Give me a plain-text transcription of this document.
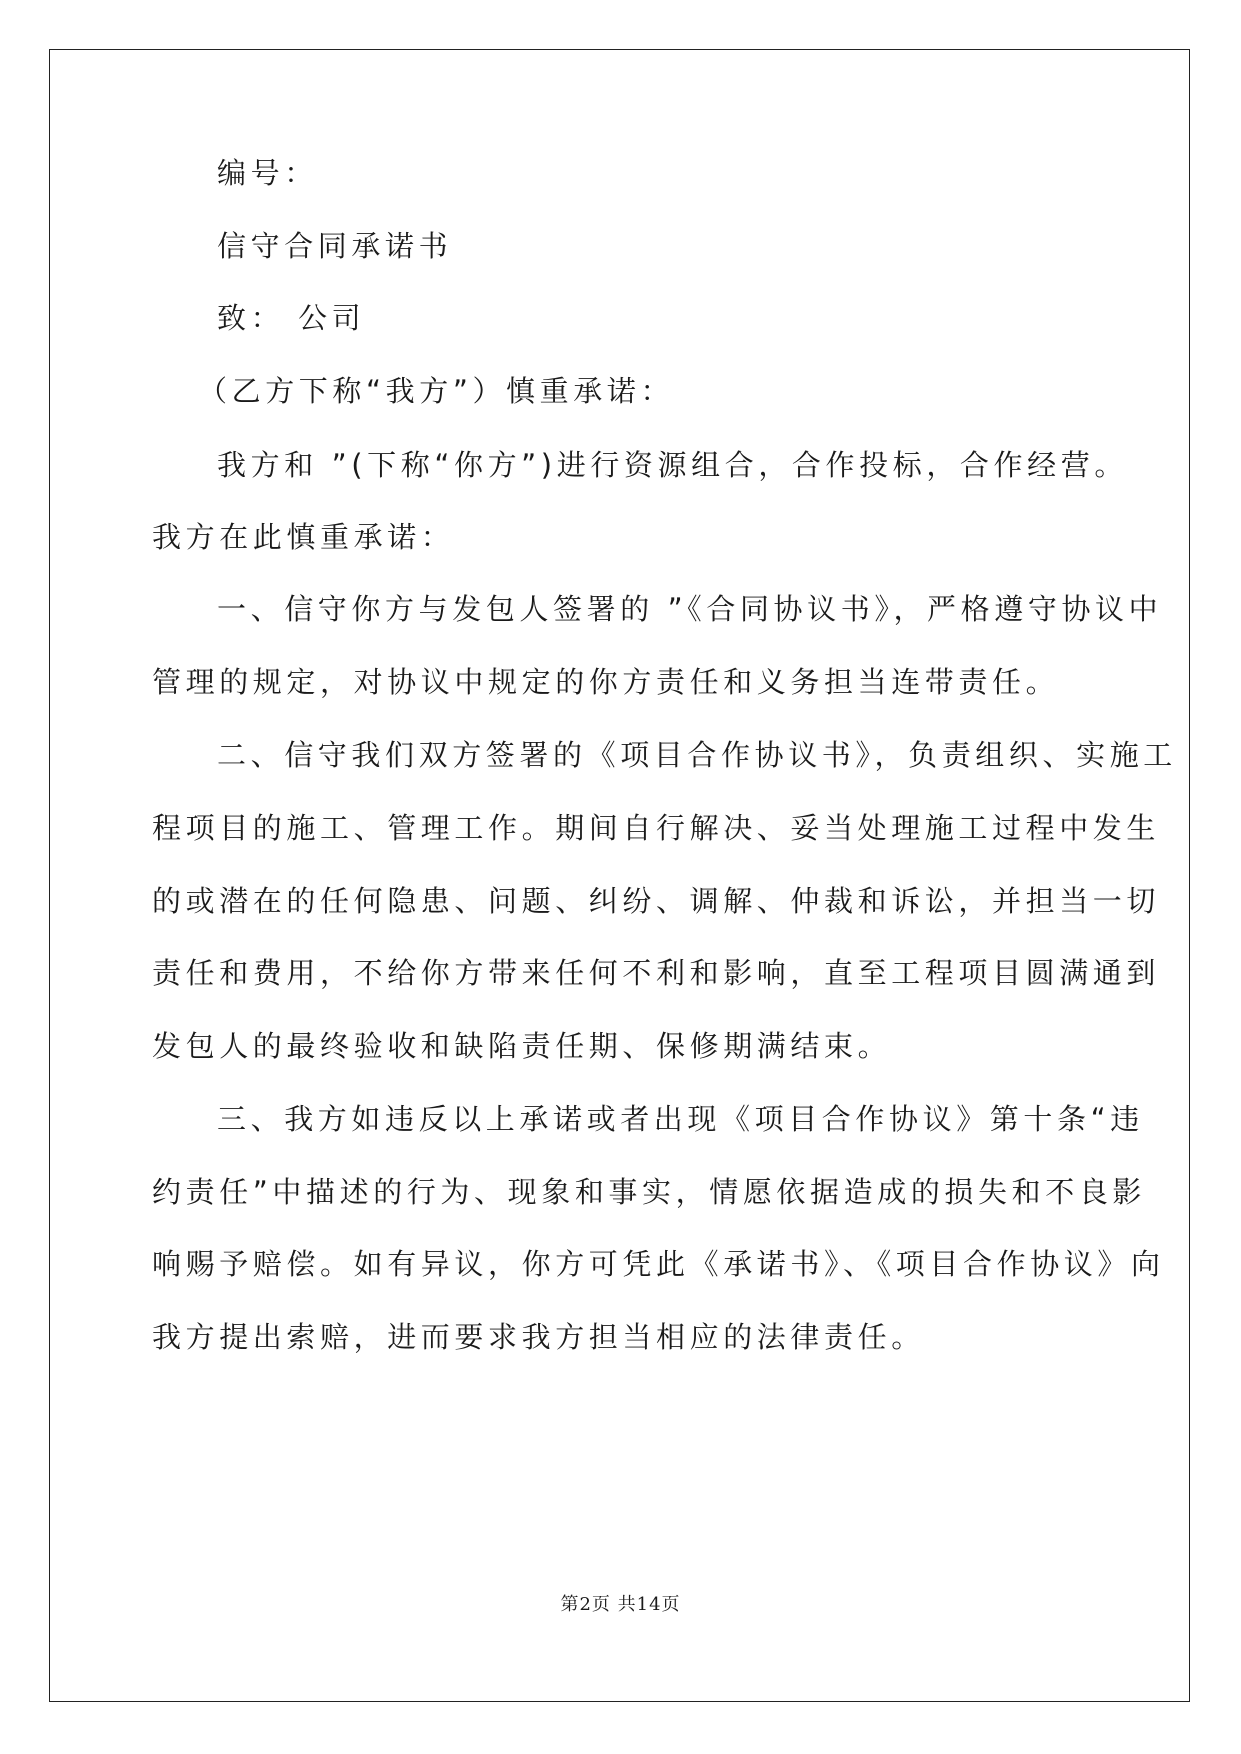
编号：
信守合同承诺书
致： 公司
（乙方下称“我方”）慎重承诺：
我方和 ”(下称“你方”)进行资源组合，合作投标，合作经营。
我方在此慎重承诺：
一、信守你方与发包人签署的 ”《合同协议书》，严格遵守协议中
管理的规定，对协议中规定的你方责任和义务担当连带责任。
二、信守我们双方签署的《项目合作协议书》，负责组织、实施工
程项目的施工、管理工作。期间自行解决、妥当处理施工过程中发生
的或潜在的任何隐患、问题、纠纷、调解、仲裁和诉讼，并担当一切
责任和费用，不给你方带来任何不利和影响，直至工程项目圆满通到
发包人的最终验收和缺陷责任期、保修期满结束。
三、我方如违反以上承诺或者出现《项目合作协议》第十条“违
约责任”中描述的行为、现象和事实，情愿依据造成的损失和不良影
响赐予赔偿。如有异议，你方可凭此《承诺书》、《项目合作协议》向
我方提出索赔，进而要求我方担当相应的法律责任。
第2页 共14页
